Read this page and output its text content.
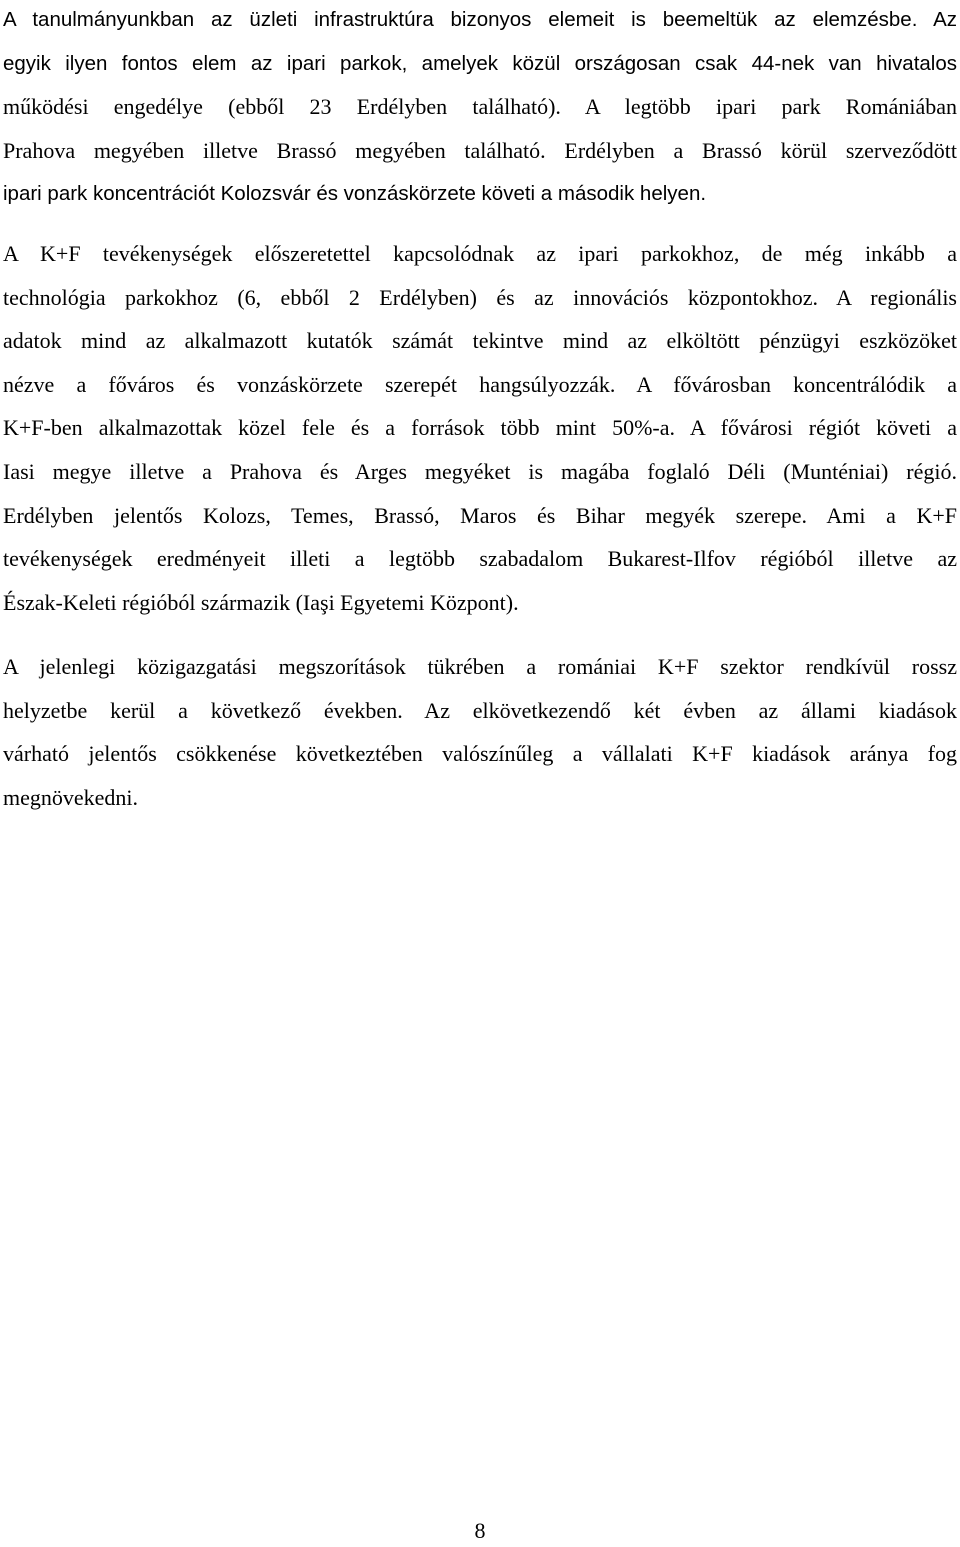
A tanulmányunkban az üzleti infrastruktúra bizonyos elemeit is beemeltük az elemzésbe. Az
egyik ilyen fontos elem az ipari parkok, amelyek közül országosan csak 44-nek van hivatalos
működési engedélye (ebből 23 Erdélyben található). A legtöbb ipari park Romániában
Prahova megyében illetve Brassó megyében található. Erdélyben a Brassó körül szerveződött
ipari park koncentrációt Kolozsvár és vonzáskörzete követi a második helyen.
A K+F tevékenységek előszeretettel kapcsolódnak az ipari parkokhoz, de még inkább a
technológia parkokhoz (6, ebből 2 Erdélyben) és az innovációs központokhoz. A regionális
adatok mind az alkalmazott kutatók számát tekintve mind az elköltött pénzügyi eszközöket
nézve a főváros és vonzáskörzete szerepét hangsúlyozzák. A fővárosban koncentrálódik a
K+F-ben alkalmazottak közel fele és a források több mint 50%-a. A fővárosi régiót követi a
Iasi megye illetve a Prahova és Arges megyéket is magába foglaló Déli (Munténiai) régió.
Erdélyben jelentős Kolozs, Temes, Brassó, Maros és Bihar megyék szerepe. Ami a K+F
tevékenységek eredményeit illeti a legtöbb szabadalom Bukarest-Ilfov régióból illetve az
Észak-Keleti régióból származik (Iaşi Egyetemi Központ).
A jelenlegi közigazgatási megszorítások tükrében a romániai K+F szektor rendkívül rossz
helyzetbe kerül a következő években. Az elkövetkezendő két évben az állami kiadások
várható jelentős csökkenése következtében valószínűleg a vállalati K+F kiadások aránya fog
megnövekedni.
8
